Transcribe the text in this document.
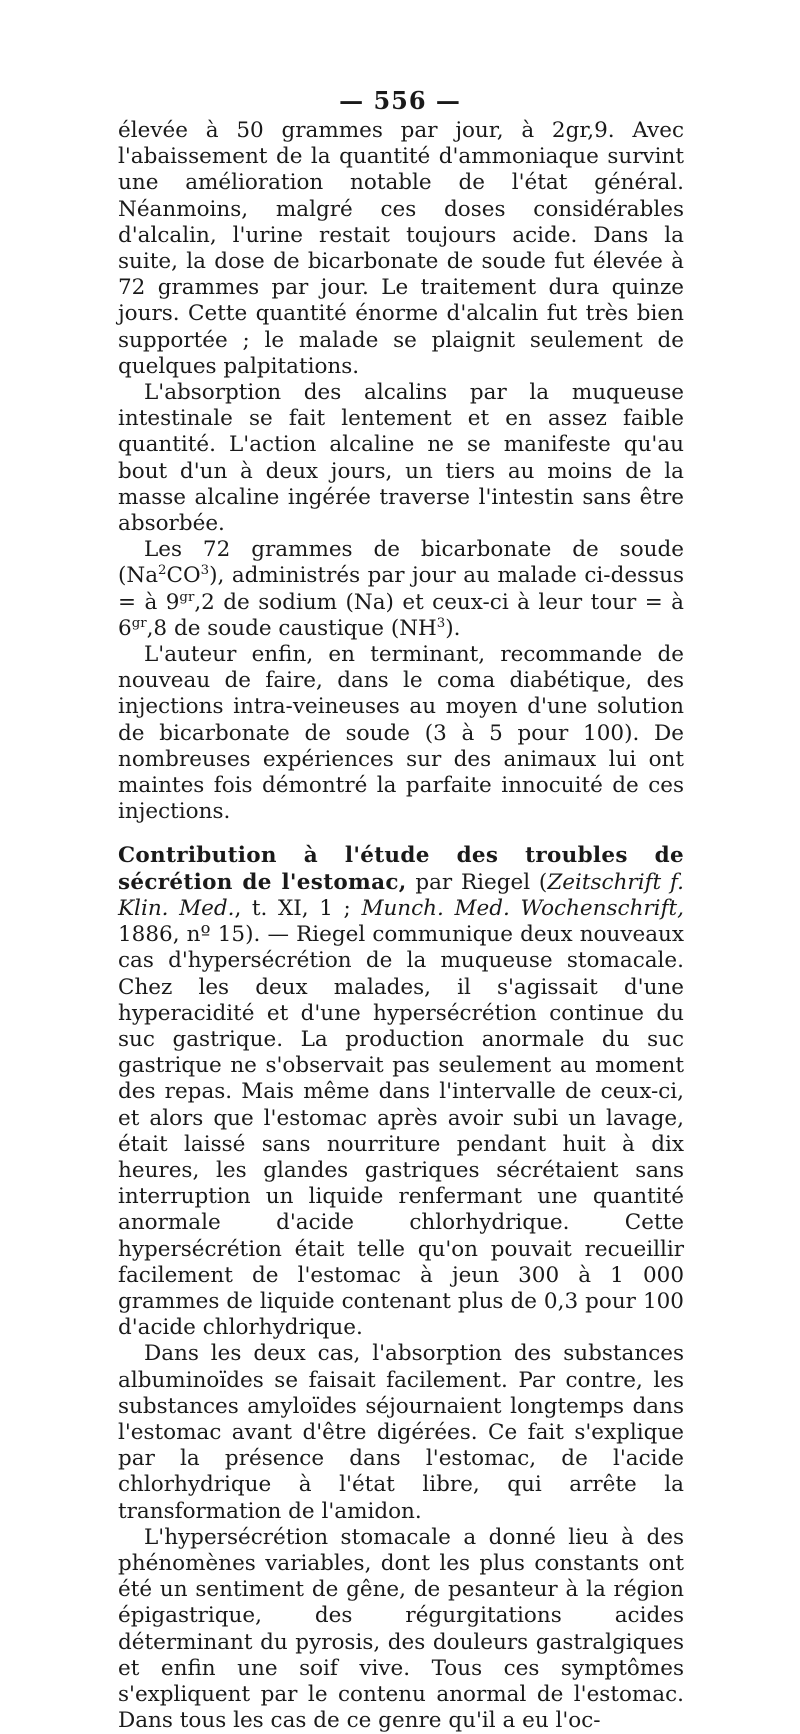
— 556 —

élevée à 50 grammes par jour, à 2gr,9. Avec l'abaissement de la quantité d'ammoniaque survint une amélioration notable de l'état général. Néanmoins, malgré ces doses considérables d'alcalin, l'urine restait toujours acide. Dans la suite, la dose de bicarbonate de soude fut élevée à 72 grammes par jour. Le traitement dura quinze jours. Cette quantité énorme d'alcalin fut très bien supportée ; le malade se plaignit seulement de quelques palpitations.

L'absorption des alcalins par la muqueuse intestinale se fait lentement et en assez faible quantité. L'action alcaline ne se manifeste qu'au bout d'un à deux jours, un tiers au moins de la masse alcaline ingérée traverse l'intestin sans être absorbée.

Les 72 grammes de bicarbonate de soude $(Na^2CO^3)$, administrés par jour au malade ci-dessus = à $9^{gr},2$ de sodium (Na) et ceux-ci à leur tour = à $6^{gr},8$ de soude caustique $(NH^3)$.

L'auteur enfin, en terminant, recommande de nouveau de faire, dans le coma diabétique, des injections intra-veineuses au moyen d'une solution de bicarbonate de soude (3 à 5 pour 100). De nombreuses expériences sur des animaux lui ont maintes fois démontré la parfaite innocuité de ces injections.

Contribution à l'étude des troubles de sécrétion de l'estomac, par Riegel (Zeitschrift f. Klin. Med., t. XI, 1 ; Munch. Med. Wochenschrift, 1886, nº 15). — Riegel communique deux nouveaux cas d'hypersécrétion de la muqueuse stomacale. Chez les deux malades, il s'agissait d'une hyperacidité et d'une hypersécrétion continue du suc gastrique. La production anormale du suc gastrique ne s'observait pas seulement au moment des repas. Mais même dans l'intervalle de ceux-ci, et alors que l'estomac après avoir subi un lavage, était laissé sans nourriture pendant huit à dix heures, les glandes gastriques sécrétaient sans interruption un liquide renfermant une quantité anormale d'acide chlorhydrique. Cette hypersécrétion était telle qu'on pouvait recueillir facilement de l'estomac à jeun 300 à 1 000 grammes de liquide contenant plus de 0,3 pour 100 d'acide chlorhydrique.

Dans les deux cas, l'absorption des substances albuminoïdes se faisait facilement. Par contre, les substances amyloïdes séjournaient longtemps dans l'estomac avant d'être digérées. Ce fait s'explique par la présence dans l'estomac, de l'acide chlorhydrique à l'état libre, qui arrête la transformation de l'amidon.

L'hypersécrétion stomacale a donné lieu à des phénomènes variables, dont les plus constants ont été un sentiment de gêne, de pesanteur à la région épigastrique, des régurgitations acides déterminant du pyrosis, des douleurs gastralgiques et enfin une soif vive. Tous ces symptômes s'expliquent par le contenu anormal de l'estomac. Dans tous les cas de ce genre qu'il a eu l'oc-
